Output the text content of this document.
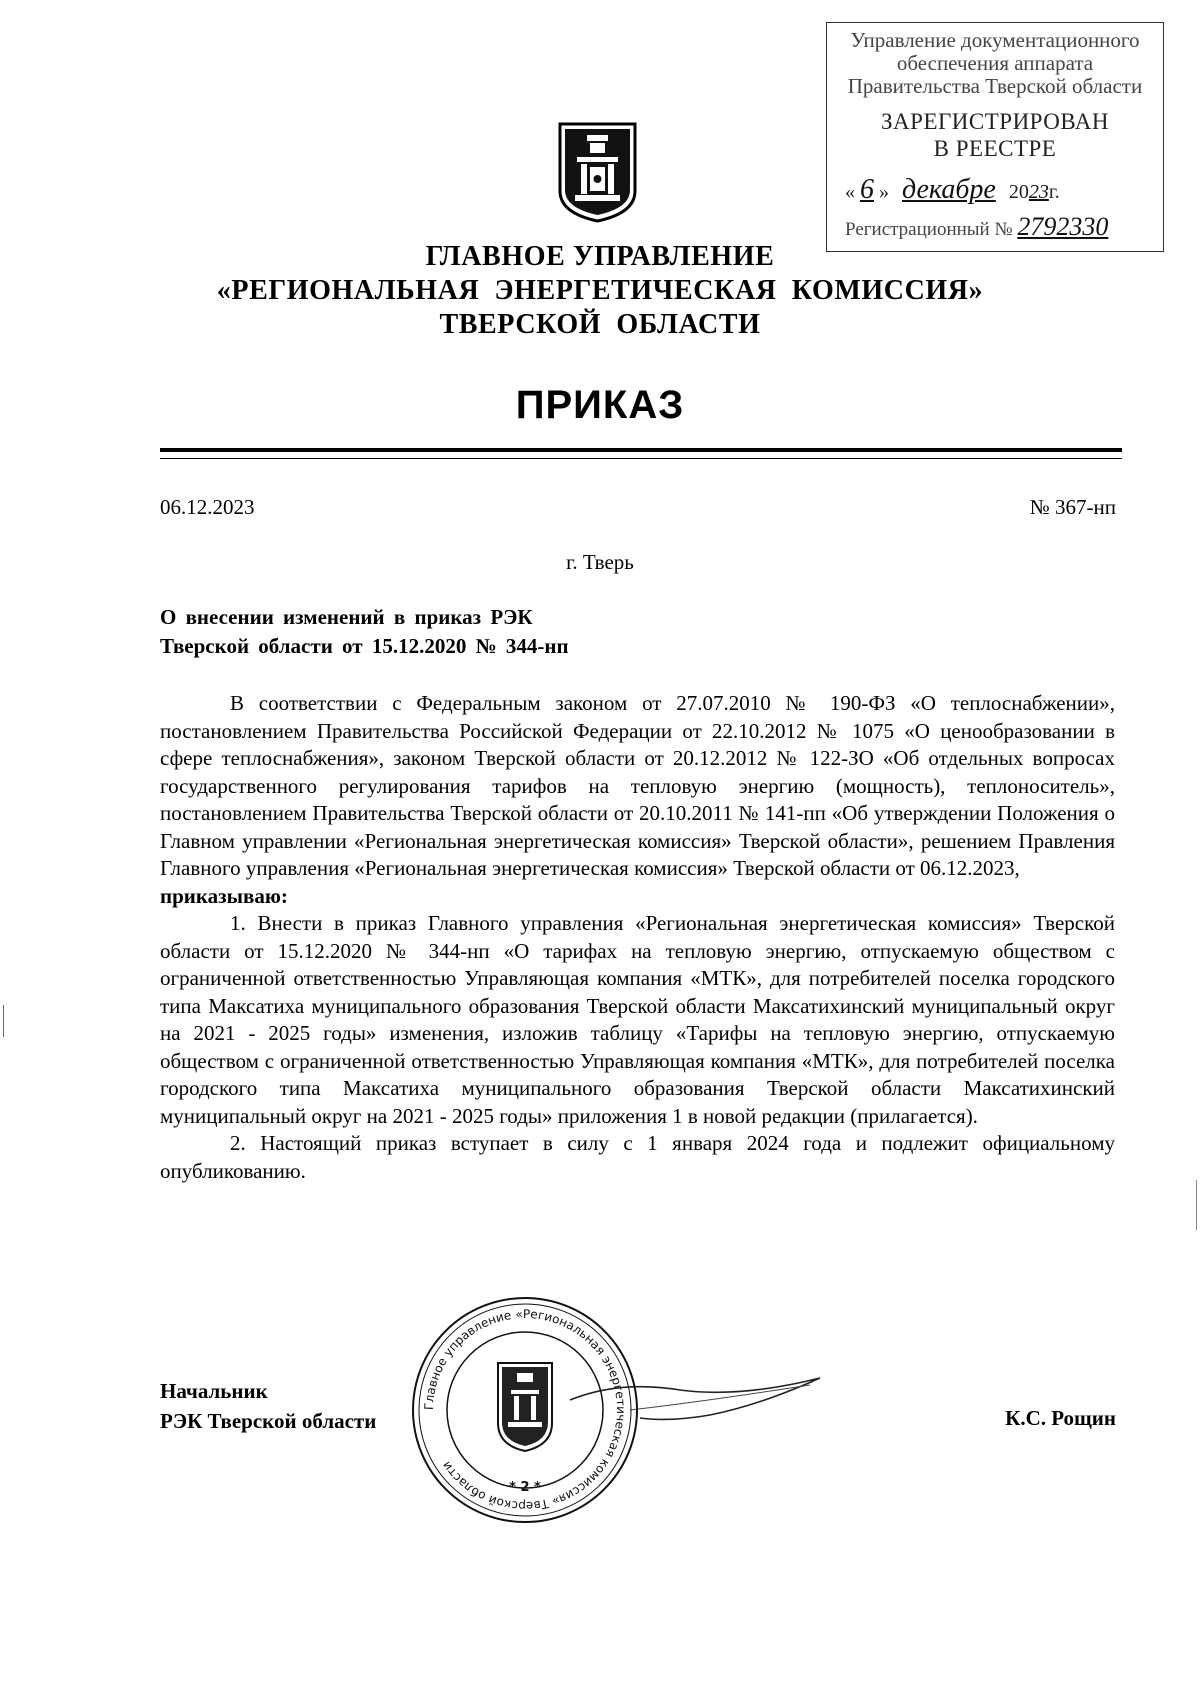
Управление документационного
обеспечения аппарата
Правительства Тверской области
ЗАРЕГИСТРИРОВАН
В РЕЕСТРЕ
« 6 » декабре 2023г.
Регистрационный № 2792330
ГЛАВНОЕ УПРАВЛЕНИЕ
«РЕГИОНАЛЬНАЯ  ЭНЕРГЕТИЧЕСКАЯ  КОМИССИЯ»
ТВЕРСКОЙ  ОБЛАСТИ
ПРИКАЗ
06.12.2023	№ 367-нп
г. Тверь
О внесении изменений в приказ РЭК
Тверской области от 15.12.2020 № 344-нп

В соответствии с Федеральным законом от 27.07.2010 № 190-ФЗ «О теплоснабжении», постановлением Правительства Российской Федерации от 22.10.2012 № 1075 «О ценообразовании в сфере теплоснабжения», законом Тверской области от 20.12.2012 № 122-ЗО «Об отдельных вопросах государственного регулирования тарифов на тепловую энергию (мощность), теплоноситель», постановлением Правительства Тверской области от 20.10.2011 № 141-пп «Об утверждении Положения о Главном управлении «Региональная энергетическая комиссия» Тверской области», решением Правления Главного управления «Региональная энергетическая комиссия» Тверской области от 06.12.2023,

приказываю:

1. Внести в приказ Главного управления «Региональная энергетическая комиссия» Тверской области от 15.12.2020 № 344-нп «О тарифах на тепловую энергию, отпускаемую обществом с ограниченной ответственностью Управляющая компания «МТК», для потребителей поселка городского типа Максатиха муниципального образования Тверской области Максатихинский муниципальный округ на 2021 - 2025 годы» изменения, изложив таблицу «Тарифы на тепловую энергию, отпускаемую обществом с ограниченной ответственностью Управляющая компания «МТК», для потребителей поселка городского типа Максатиха муниципального образования Тверской области Максатихинский муниципальный округ на 2021 - 2025 годы» приложения 1 в новой редакции (прилагается).

2. Настоящий приказ вступает в силу с 1 января 2024 года и подлежит официальному опубликованию.

Начальник
РЭК Тверской области
Главное управление «Региональная энергетическая комиссия» Тверской области
* 2 *
К.С. Рощин
